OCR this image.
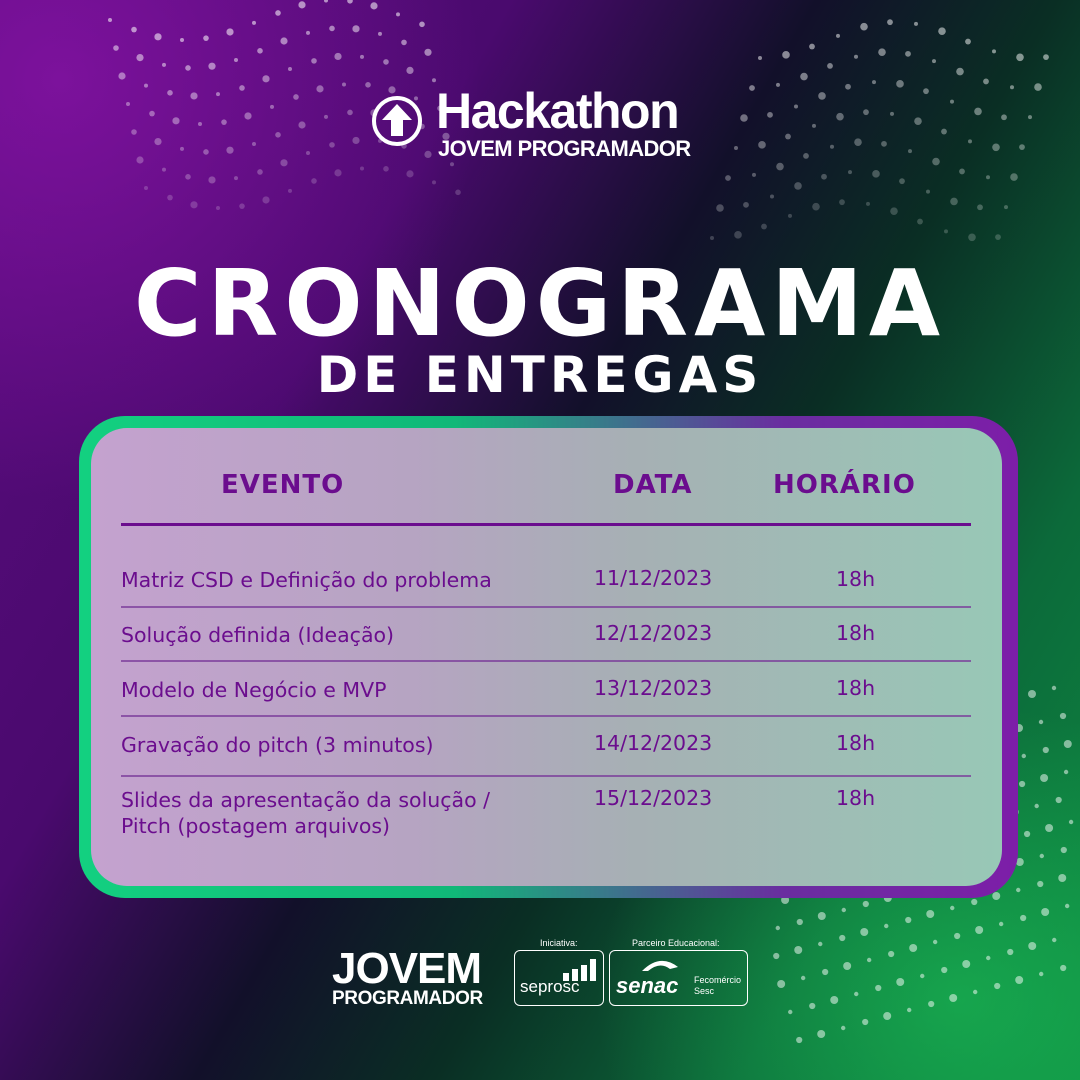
Hackathon
JOVEM PROGRAMADOR
CRONOGRAMA
DE ENTREGAS
EVENTO	DATA	HORÁRIO
Matriz CSD e Definição do problema	11/12/2023	18h
Solução definida (Ideação)	12/12/2023	18h
Modelo de Negócio e MVP	13/12/2023	18h
Gravação do pitch (3 minutos)	14/12/2023	18h
Slides da apresentação da solução /
Pitch (postagem arquivos)
15/12/2023	18h
JOVEM
PROGRAMADOR
Iniciativa:
seprosc
Parceiro Educacional:
senac Fecomércio
Sesc
